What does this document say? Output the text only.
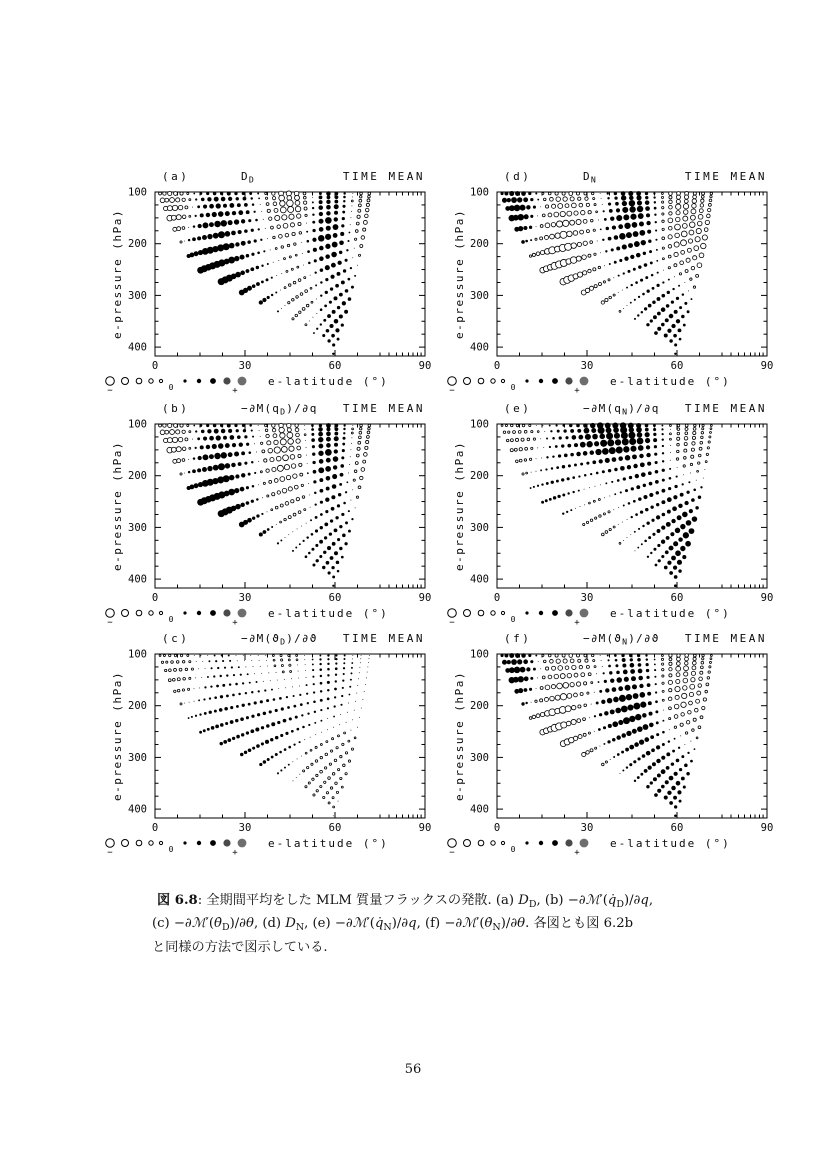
(a)	$D_D$	TIME MEAN
0	30	60	90
100
200
300
400
e-pressure (hPa)
0
−	+
e-latitude (°)
(b)	$-\partial M(q_D)/\partial q$ TIME MEAN
0	30	60	90
100
200
300
400
e-pressure (hPa)
0
−	+
e-latitude (°)
(c)	$-\partial M(ϑ_D)/\partial ϑ$ TIME MEAN
0	30	60	90
100
200
300
400
e-pressure (hPa)
0
−	+
e-latitude (°)
(d)	$D_N$	TIME MEAN
0	30	60	90
100
200
300
400
e-pressure (hPa)
0
−	+
e-latitude (°)
(e)	$-\partial M(q_N)/\partial q$ TIME MEAN
0	30	60	90
100
200
300
400
e-pressure (hPa)
0
−	+
e-latitude (°)
(f)	$-\partial M(ϑ_N)/\partial ϑ$ TIME MEAN
0	30	60	90
100
200
300
400
e-pressure (hPa)
0
−	+
e-latitude (°)
図 6.8: 全期間平均をした MLM 質量フラックスの発散. (a) $D_D$, $(b) -\partial ℳ'(q̇_D)/\partial q$,
$(c) -\partial ℳ'(\thetȧ_D)/\partial\theta$, (d) $D_N$, $(e) -\partial ℳ'(q̇_N)/\partial q$, $(f) -\partial ℳ'(\thetȧ_N)/\partial\theta$. 各図とも図 6.2b
と同様の方法で図示している.
56
